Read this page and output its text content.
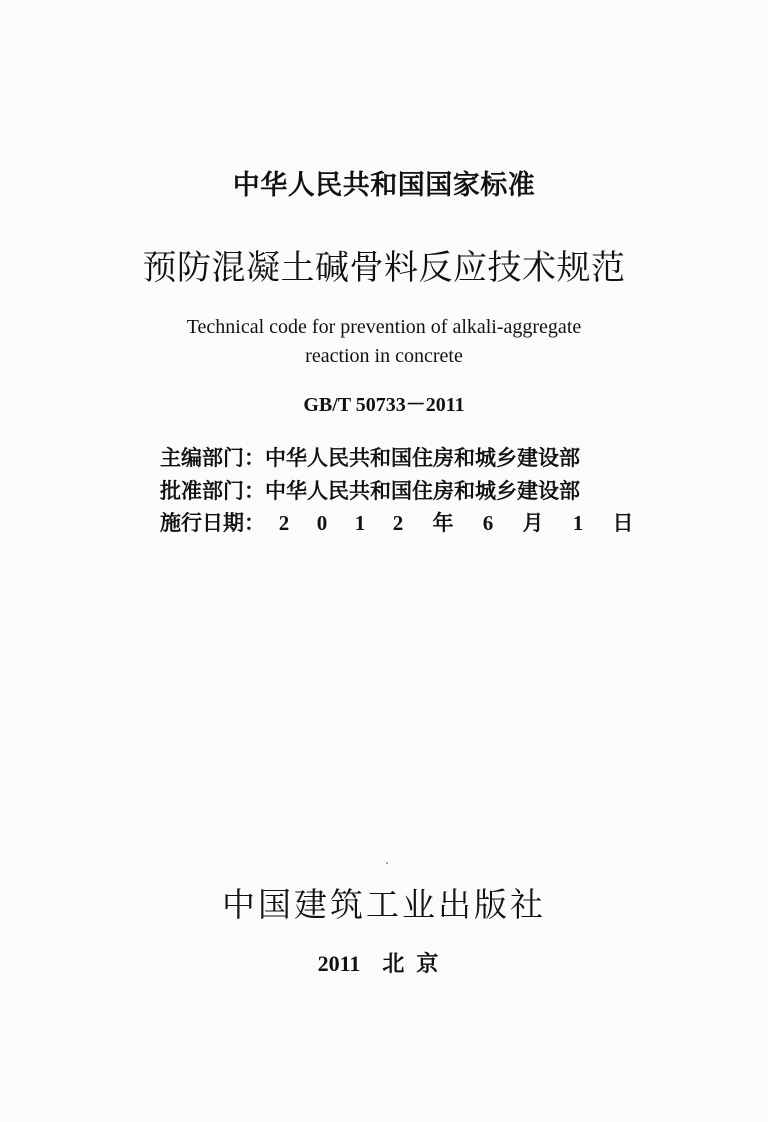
中华人民共和国国家标准
预防混凝土碱骨料反应技术规范
Technical code for prevention of alkali-aggregate
reaction in concrete
GB/T 50733－2011
主编部门：中华人民共和国住房和城乡建设部
批准部门：中华人民共和国住房和城乡建设部
施行日期： 2	0	1	2	年	6	月	1	日
中国建筑工业出版社
2011 北京
